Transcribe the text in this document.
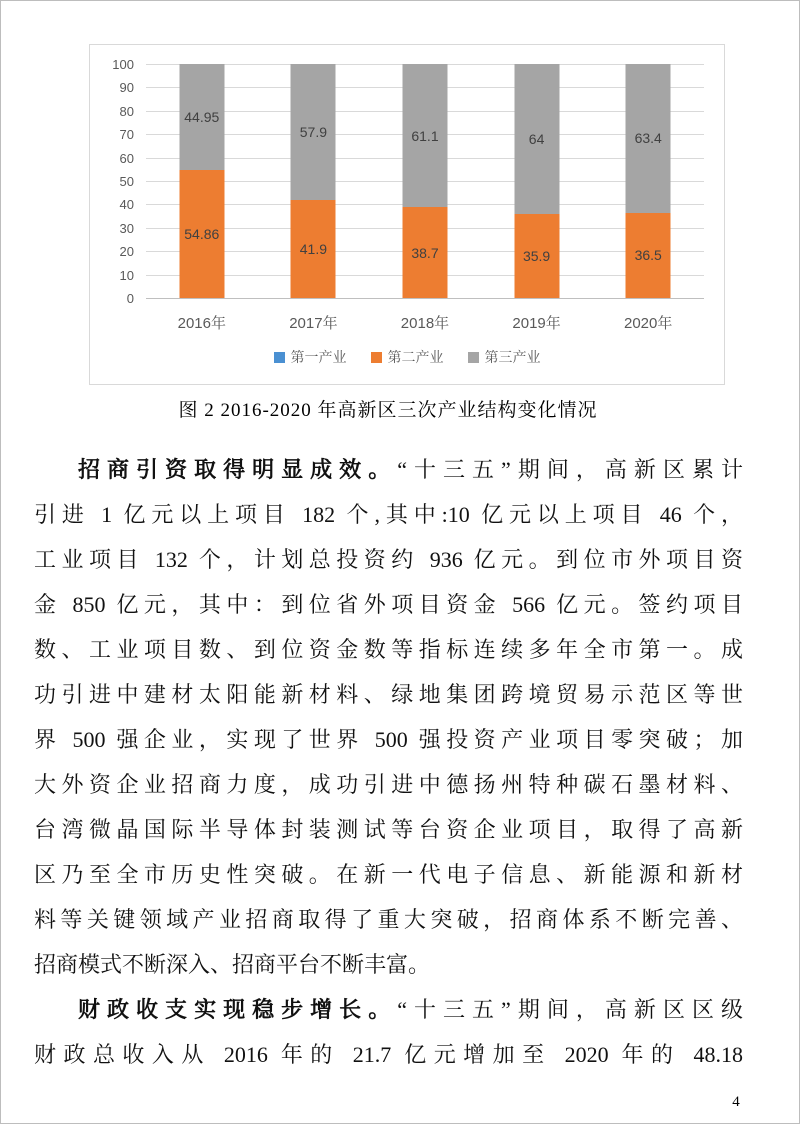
54.86
44.95
41.9
57.9
38.7
61.1
35.9
64
36.5
63.4
0
10
20
30
40
50
60
70
80
90
100
2016年	2017年	2018年	2019年	2020年
第一产业	第二产业	第三产业
图 2 2016-2020 年高新区三次产业结构变化情况
招商引资取得明显成效。“十三五”期间，高新区累计
引进 1 亿元以上项目 182 个,其中:10 亿元以上项目 46 个，
工业项目 132 个，计划总投资约 936 亿元。到位市外项目资
金 850 亿元，其中：到位省外项目资金 566 亿元。签约项目
数、工业项目数、到位资金数等指标连续多年全市第一。成
功引进中建材太阳能新材料、绿地集团跨境贸易示范区等世
界 500 强企业，实现了世界 500 强投资产业项目零突破；加
大外资企业招商力度，成功引进中德扬州特种碳石墨材料、
台湾微晶国际半导体封装测试等台资企业项目，取得了高新
区乃至全市历史性突破。在新一代电子信息、新能源和新材
料等关键领域产业招商取得了重大突破，招商体系不断完善、
招商模式不断深入、招商平台不断丰富。
财政收支实现稳步增长。“十三五”期间，高新区区级
财政总收入从 2016 年的 21.7 亿元增加至 2020 年的 48.18
4
